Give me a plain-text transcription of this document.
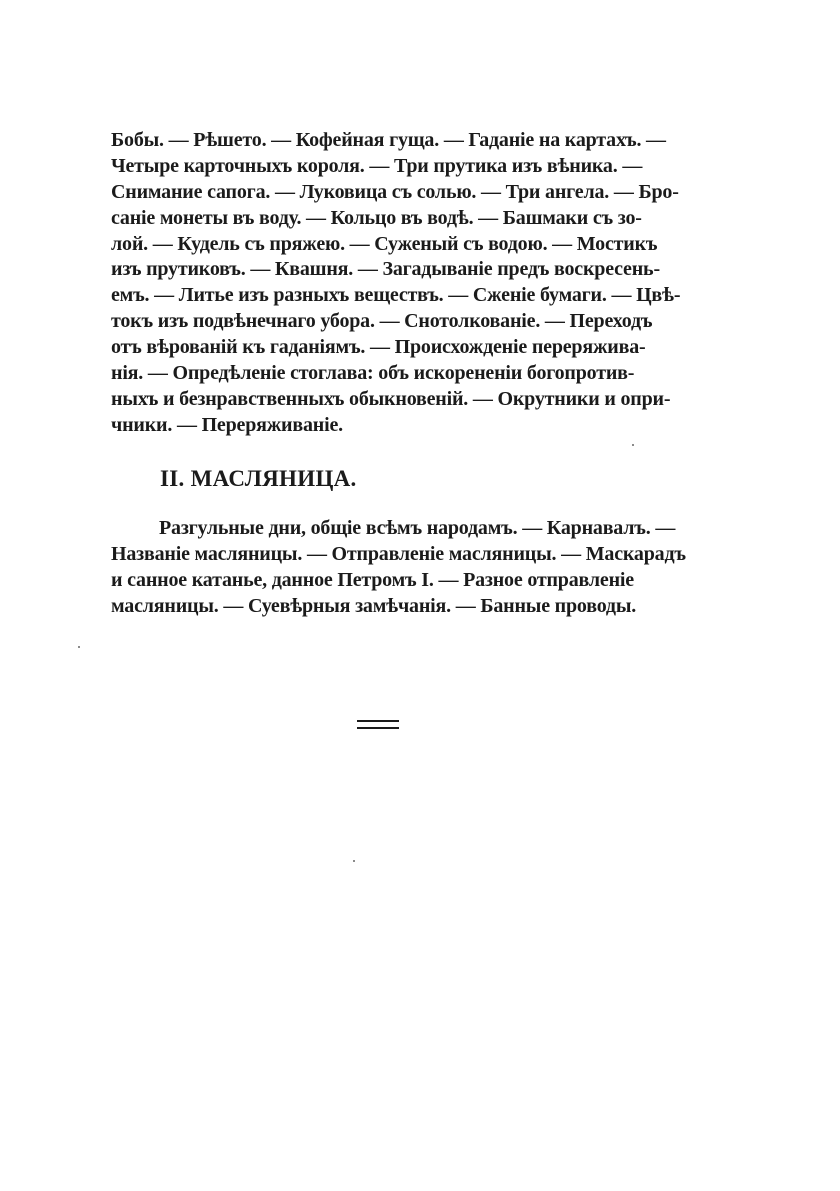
Бобы. — Рѣшето. — Кофейная гуща. — Гаданіе на картахъ. —
Четыре карточныхъ короля. — Три прутика изъ вѣника. —
Снимание сапога. — Луковица съ солью. — Три ангела. — Бро-
саніе монеты въ воду. — Кольцо въ водѣ. — Башмаки съ зо-
лой. — Кудель съ пряжею. — Суженый съ водою. — Мостикъ
изъ прутиковъ. — Квашня. — Загадываніе предъ воскресень-
емъ. — Литье изъ разныхъ веществъ. — Сженіе бумаги. — Цвѣ-
токъ изъ подвѣнечнаго убора. — Снотолкованіе. — Переходъ
отъ вѣрованій къ гаданіямъ. — Происхожденіе переряживa-
нія. — Опредѣленіе стоглава: объ искорененіи богопротив-
ныхъ и безнравственныхъ обыкновеній. — Окрутники и опри-
чники. — Переряживаніе.
II. МАСЛЯНИЦА.
Разгульные дни, общіе всѣмъ народамъ. — Карнавалъ. —
Названіе масляницы. — Отправленіе масляницы. — Маскарадъ
и санное катанье, данное Петромъ I. — Разное отправленіе
масляницы. — Суевѣрныя замѣчанія. — Банные проводы.
